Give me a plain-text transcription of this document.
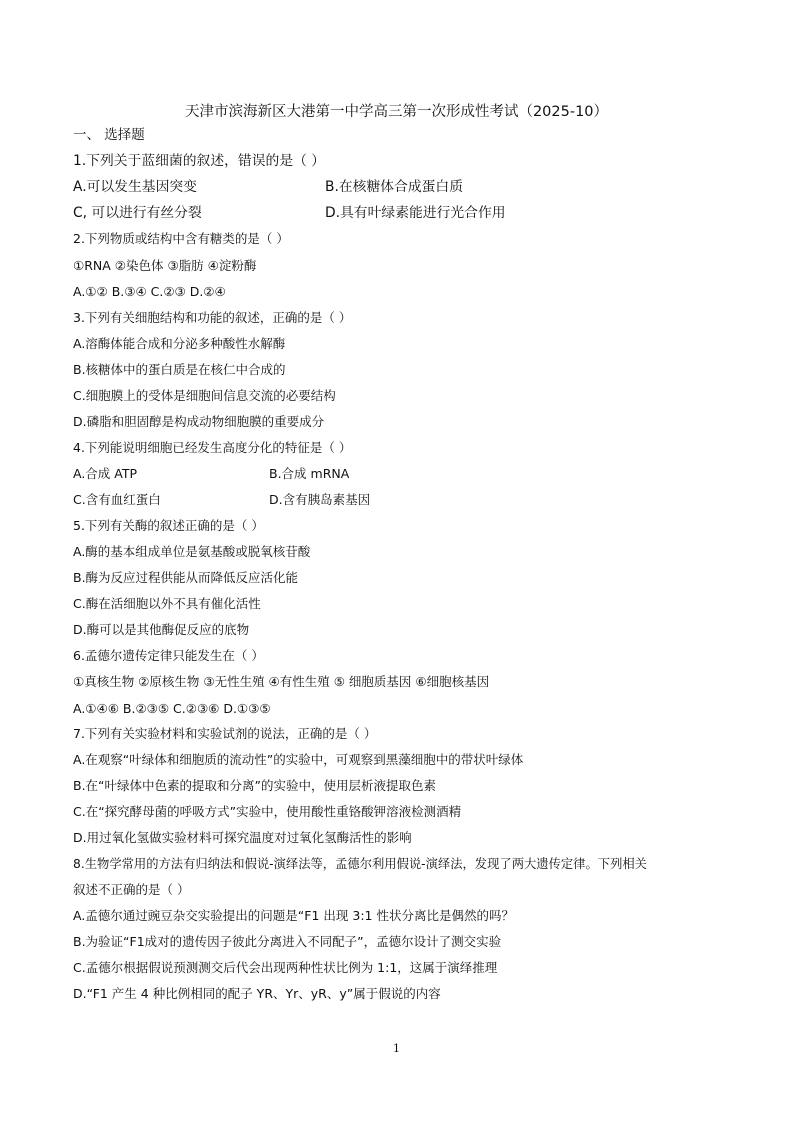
天津市滨海新区大港第一中学高三第一次形成性考试（2025-10）
一、 选择题
1.下列关于蓝细菌的叙述，错误的是（ ）
A.可以发生基因突变	B.在核糖体合成蛋白质
C, 可以进行有丝分裂	D.具有叶绿素能进行光合作用
2.下列物质或结构中含有糖类的是（ ）
①RNA ②染色体 ③脂肪 ④淀粉酶
A.①② B.③④ C.②③ D.②④
3.下列有关细胞结构和功能的叙述，正确的是（ ）
A.溶酶体能合成和分泌多种酸性水解酶
B.核糖体中的蛋白质是在核仁中合成的
C.细胞膜上的受体是细胞间信息交流的必要结构
D.磷脂和胆固醇是构成动物细胞膜的重要成分
4.下列能说明细胞已经发生高度分化的特征是（ ）
A.合成 ATP	B.合成 mRNA
C.含有血红蛋白	D.含有胰岛素基因
5.下列有关酶的叙述正确的是（ ）
A.酶的基本组成单位是氨基酸或脱氧核苷酸
B.酶为反应过程供能从而降低反应活化能
C.酶在活细胞以外不具有催化活性
D.酶可以是其他酶促反应的底物
6.孟德尔遗传定律只能发生在（ ）
①真核生物 ②原核生物 ③无性生殖 ④有性生殖 ⑤ 细胞质基因 ⑥细胞核基因
A.①④⑥ B.②③⑤ C.②③⑥ D.①③⑤
7.下列有关实验材料和实验试剂的说法，正确的是（ ）
A.在观察“叶绿体和细胞质的流动性”的实验中，可观察到黑藻细胞中的带状叶绿体
B.在“叶绿体中色素的提取和分离”的实验中，使用层析液提取色素
C.在“探究酵母菌的呼吸方式”实验中，使用酸性重铬酸钾溶液检测酒精
D.用过氧化氢做实验材料可探究温度对过氧化氢酶活性的影响
8.生物学常用的方法有归纳法和假说-演绎法等，孟德尔利用假说-演绎法，发现了两大遗传定律。下列相关
叙述不正确的是（ ）
A.孟德尔通过豌豆杂交实验提出的问题是“F1 出现 3:1 性状分离比是偶然的吗？
B.为验证“F1成对的遗传因子彼此分离进入不同配子”，孟德尔设计了测交实验
C.孟德尔根据假说预测测交后代会出现两种性状比例为 1:1，这属于演绎推理
D.“F1 产生 4 种比例相同的配子 YR、Yr、yR、y”属于假说的内容
1
